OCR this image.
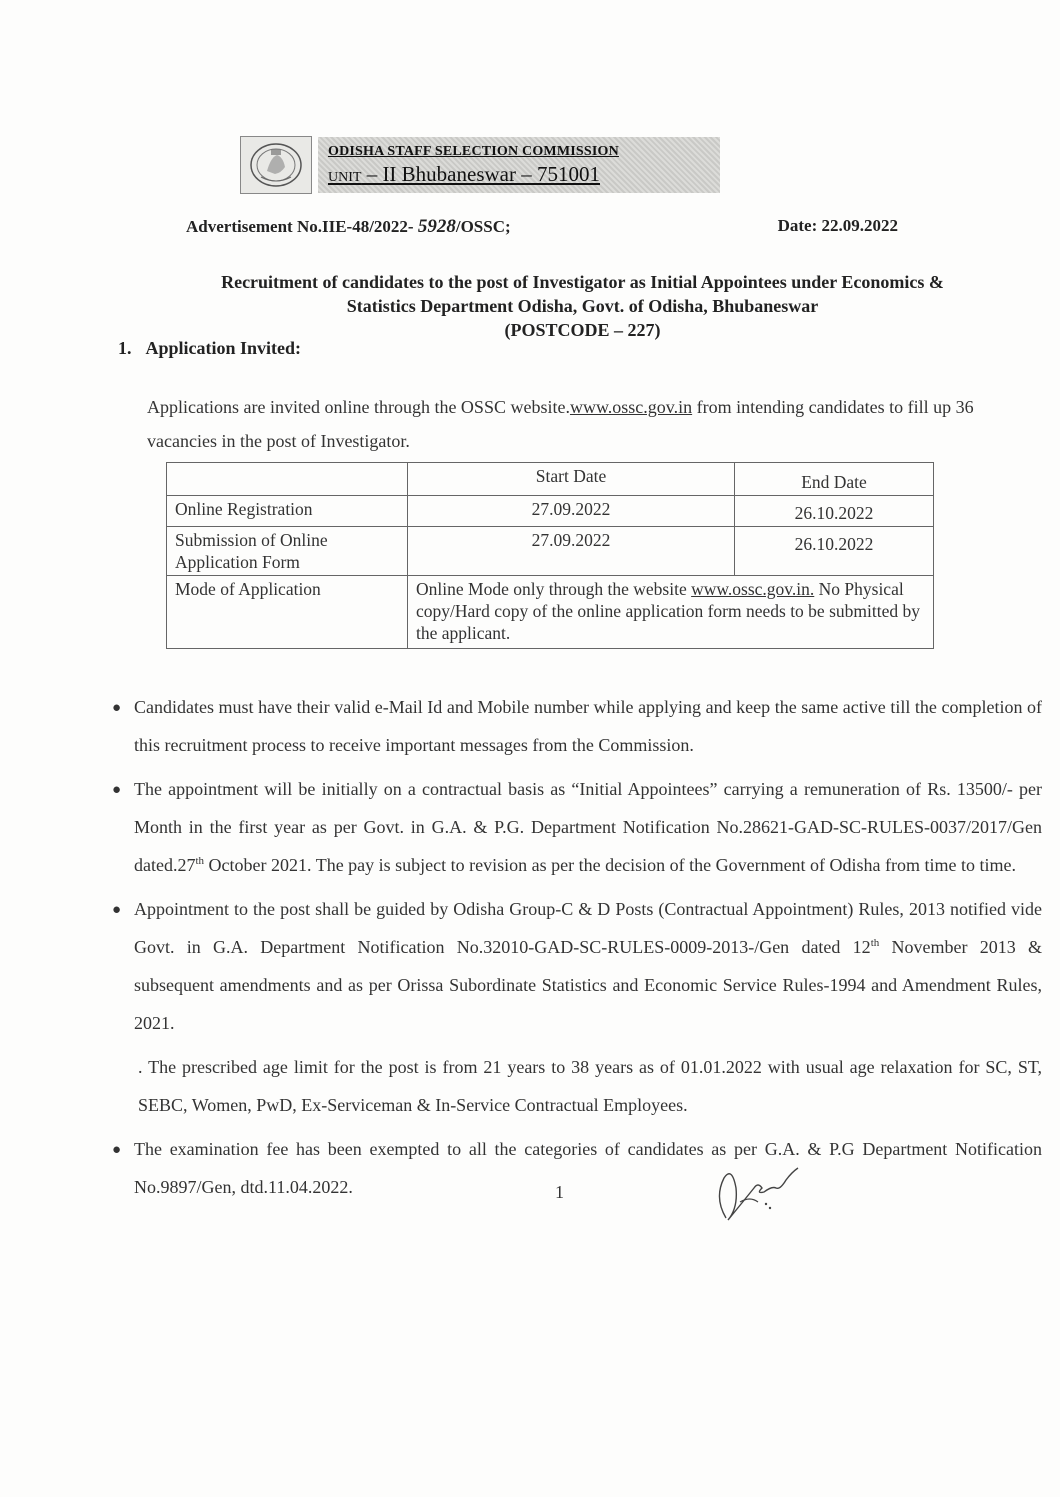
ODISHA STAFF SELECTION COMMISSION
UNIT – II Bhubaneswar – 751001
Advertisement No.IIE-48/2022- 5928/OSSC;	Date: 22.09.2022
Recruitment of candidates to the post of Investigator as Initial Appointees under Economics &
Statistics Department Odisha, Govt. of Odisha, Bhubaneswar
(POSTCODE – 227)
1. Application Invited:
Applications are invited online through the OSSC website.www.ossc.gov.in from intending candidates to fill up 36 vacancies in the post of Investigator.
	Start Date	End Date
Online Registration	27.09.2022	26.10.2022
Submission of Online Application Form	27.09.2022	26.10.2022
Mode of Application	Online Mode only through the website www.ossc.gov.in. No Physical copy/Hard copy of the online application form needs to be submitted by the applicant.	
● Candidates must have their valid e-Mail Id and Mobile number while applying and keep the same active till the completion of this recruitment process to receive important messages from the Commission.
● The appointment will be initially on a contractual basis as “Initial Appointees” carrying a remuneration of Rs. 13500/- per Month in the first year as per Govt. in G.A. & P.G. Department Notification No.28621-GAD-SC-RULES-0037/2017/Gen dated.27th October 2021. The pay is subject to revision as per the decision of the Government of Odisha from time to time.
● Appointment to the post shall be guided by Odisha Group-C & D Posts (Contractual Appointment) Rules, 2013 notified vide Govt. in G.A. Department Notification No.32010-GAD-SC-RULES-0009-2013-/Gen dated 12th November 2013 & subsequent amendments and as per Orissa Subordinate Statistics and Economic Service Rules-1994 and Amendment Rules, 2021.
. The prescribed age limit for the post is from 21 years to 38 years as of 01.01.2022 with usual age relaxation for SC, ST, SEBC, Women, PwD, Ex-Serviceman & In-Service Contractual Employees.
● The examination fee has been exempted to all the categories of candidates as per G.A. & P.G Department Notification No.9897/Gen, dtd.11.04.2022.	1
